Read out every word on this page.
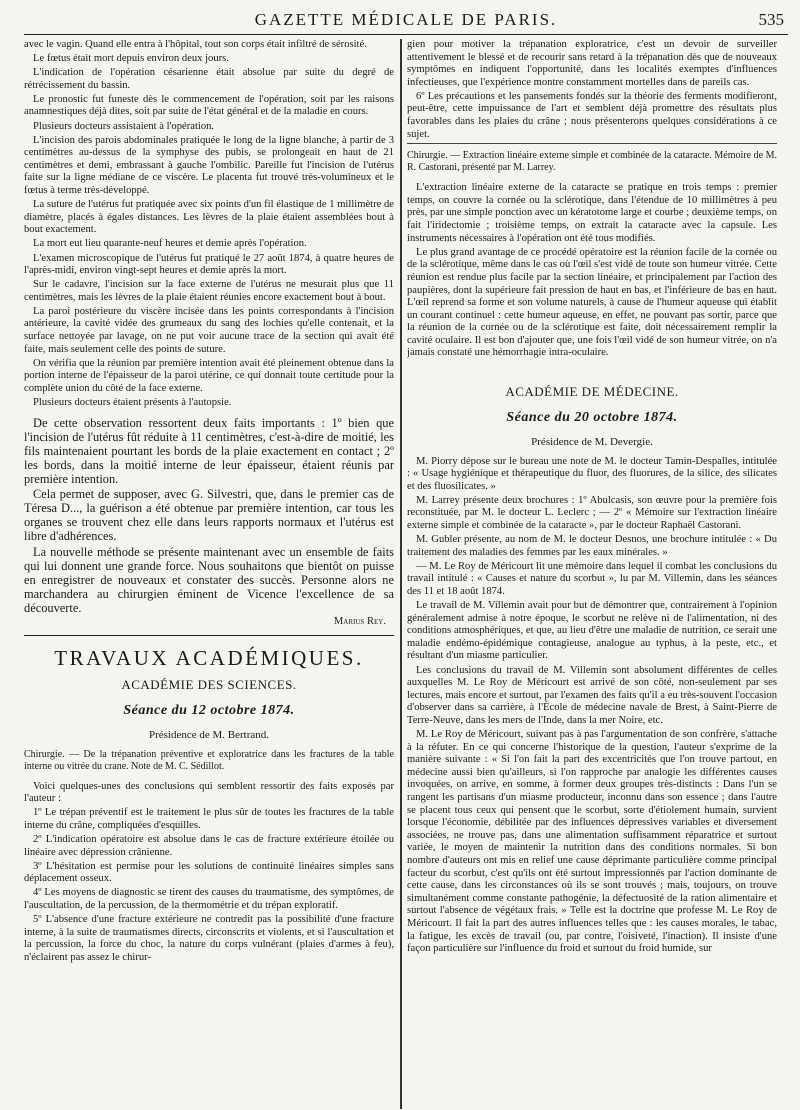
GAZETTE MÉDICALE DE PARIS.	535

avec le vagin. Quand elle entra à l'hôpital, tout son corps était infiltré de sérosité.

Le fœtus était mort depuis environ deux jours.

L'indication de l'opération césarienne était absolue par suite du degré de rétrécissement du bassin.

Le pronostic fut funeste dès le commencement de l'opération, soit par les raisons anamnestiques déjà dites, soit par suite de l'état général et de la maladie en cours.

Plusieurs docteurs assistaient à l'opération.

L'incision des parois abdominales pratiquée le long de la ligne blanche, à partir de 3 centimètres au-dessus de la symphyse des pubis, se prolongeait en haut de 21 centimètres et demi, embrassant à gauche l'ombilic. Pareille fut l'incision de l'utérus faite sur la ligne médiane de ce viscère. Le placenta fut trouvé très-volumineux et le fœtus à terme très-développé.

La suture de l'utérus fut pratiquée avec six points d'un fil élastique de 1 millimètre de diamètre, placés à égales distances. Les lèvres de la plaie étaient assemblées bout à bout exactement.

La mort eut lieu quarante-neuf heures et demie après l'opération.

L'examen microscopique de l'utérus fut pratiqué le 27 août 1874, à quatre heures de l'après-midi, environ vingt-sept heures et demie après la mort.

Sur le cadavre, l'incision sur la face externe de l'utérus ne mesurait plus que 11 centimètres, mais les lèvres de la plaie étaient réunies encore exactement bout à bout.

La paroi postérieure du viscère incisée dans les points correspondants à l'incision antérieure, la cavité vidée des grumeaux du sang des lochies qu'elle contenait, et la surface nettoyée par lavage, on ne put voir aucune trace de la section qui avait été faite, mais seulement celle des points de suture.

On vérifia que la réunion par première intention avait été pleinement obtenue dans la portion interne de l'épaisseur de la paroi utérine, ce qui donnait toute certitude pour la complète union du côté de la face externe.

Plusieurs docteurs étaient présents à l'autopsie.

De cette observation ressortent deux faits importants : 1º bien que l'incision de l'utérus fût réduite à 11 centimètres, c'est-à-dire de moitié, les fils maintenaient pourtant les bords de la plaie exactement en contact ; 2º les bords, dans la moitié interne de leur épaisseur, étaient réunis par première intention.

Cela permet de supposer, avec G. Silvestri, que, dans le premier cas de Téresa D..., la guérison a été obtenue par première intention, car tous les organes se trouvent chez elle dans leurs rapports normaux et l'utérus est libre d'adhérences.

La nouvelle méthode se présente maintenant avec un ensemble de faits qui lui donnent une grande force. Nous souhaitons que bientôt on puisse en enregistrer de nouveaux et constater des succès. Personne alors ne marchandera au chirurgien éminent de Vicence l'excellence de sa découverte.

Marius Rey.

TRAVAUX ACADÉMIQUES.
ACADÉMIE DES SCIENCES.
Séance du 12 octobre 1874.
Présidence de M. Bertrand.
Chirurgie. — De la trépanation préventive et exploratrice dans les fractures de la table interne ou vitrée du crane. Note de M. C. Sédillot.

Voici quelques-unes des conclusions qui semblent ressortir des faits exposés par l'auteur :

1º Le trépan préventif est le traitement le plus sûr de toutes les fractures de la table interne du crâne, compliquées d'esquilles.

2º L'indication opératoire est absolue dans le cas de fracture extérieure étoilée ou linéaire avec dépression crânienne.

3º L'hésitation est permise pour les solutions de continuité linéaires simples sans déplacement osseux.

4º Les moyens de diagnostic se tirent des causes du traumatisme, des symptômes, de l'auscultation, de la percussion, de la thermométrie et du trépan exploratif.

5º L'absence d'une fracture extérieure ne contredit pas la possibilité d'une fracture interne, à la suite de traumatismes directs, circonscrits et violents, et si l'auscultation et la percussion, la force du choc, la nature du corps vulnérant (plaies d'armes à feu), n'éclairent pas assez le chirur-

gien pour motiver la trépanation exploratrice, c'est un devoir de surveiller attentivement le blessé et de recourir sans retard à la trépanation dès que de nouveaux symptômes en indiquent l'opportunité, dans les localités exemptes d'influences infectieuses, que l'expérience montre constamment mortelles dans de pareils cas.

6º Les précautions et les pansements fondés sur la théorie des ferments modifieront, peut-être, cette impuissance de l'art et semblent déjà promettre des résultats plus favorables dans les plaies du crâne ; nous présenterons quelques considérations à ce sujet.

Chirurgie. — Extraction linéaire externe simple et combinée de la cataracte. Mémoire de M. R. Castorani, présenté par M. Larrey.

L'extraction linéaire externe de la cataracte se pratique en trois temps : premier temps, on couvre la cornée ou la sclérotique, dans l'étendue de 10 millimètres à peu près, par une simple ponction avec un kératotome large et courbe ; deuxième temps, on fait l'iridectomie ; troisième temps, on extrait la cataracte avec la capsule. Les instruments nécessaires à l'opération ont été tous modifiés.

Le plus grand avantage de ce procédé opératoire est la réunion facile de la cornée ou de la sclérotique, même dans le cas où l'œil s'est vidé de toute son humeur vitrée. Cette réunion est rendue plus facile par la section linéaire, et principalement par l'action des paupières, dont la supérieure fait pression de haut en bas, et l'inférieure de bas en haut. L'œil reprend sa forme et son volume naturels, à cause de l'humeur aqueuse qui établit un courant continuel : cette humeur aqueuse, en effet, ne pouvant pas sortir, parce que la réunion de la cornée ou de la sclérotique est faite, doit nécessairement remplir la cavité oculaire. Il est bon d'ajouter que, une fois l'œil vidé de son humeur vitrée, on n'a jamais constaté une hémorrhagie intra-oculaire.

ACADÉMIE DE MÉDECINE.
Séance du 20 octobre 1874.
Présidence de M. Devergie.

M. Piorry dépose sur le bureau une note de M. le docteur Tamin-Despalles, intitulée : « Usage hygiénique et thérapeutique du fluor, des fluorures, de la silice, des silicates et des fluosilicates. »

M. Larrey présente deux brochures : 1º Abulcasis, son œuvre pour la première fois reconstituée, par M. le docteur L. Leclerc ; — 2º « Mémoire sur l'extraction linéaire externe simple et combinée de la cataracte », par le docteur Raphaël Castorani.

M. Gubler présente, au nom de M. le docteur Desnos, une brochure intitulée : « Du traitement des maladies des femmes par les eaux minérales. »

— M. Le Roy de Méricourt lit une mémoire dans lequel il combat les conclusions du travail intitulé : « Causes et nature du scorbut », lu par M. Villemin, dans les séances des 11 et 18 août 1874.

Le travail de M. Villemin avait pour but de démontrer que, contrairement à l'opinion généralement admise à notre époque, le scorbut ne relève ni de l'alimentation, ni des conditions atmosphériques, et que, au lieu d'être une maladie de nutrition, ce serait une maladie endémo-épidémique contagieuse, analogue au typhus, à la peste, etc., et résultant d'un miasme particulier.

Les conclusions du travail de M. Villemin sont absolument différentes de celles auxquelles M. Le Roy de Méricourt est arrivé de son côté, non-seulement par ses lectures, mais encore et surtout, par l'examen des faits qu'il a eu très-souvent l'occasion d'observer dans sa carrière, à l'École de médecine navale de Brest, à Saint-Pierre de Terre-Neuve, dans les mers de l'Inde, dans la mer Noire, etc.

M. Le Roy de Méricourt, suivant pas à pas l'argumentation de son confrère, s'attache à la réfuter. En ce qui concerne l'historique de la question, l'auteur s'exprime de la manière suivante : « Si l'on fait la part des excentricités que l'on trouve partout, en médecine aussi bien qu'ailleurs, si l'on rapproche par analogie les différentes causes invoquées, on arrive, en somme, à former deux groupes très-distincts : Dans l'un se rangent les partisans d'un miasme producteur, inconnu dans son essence ; dans l'autre se placent tous ceux qui pensent que le scorbut, sorte d'étiolement humain, survient lorsque l'économie, débilitée par des influences dépressives variables et diversement associées, ne trouve pas, dans une alimentation suffisamment réparatrice et surtout variée, le moyen de maintenir la nutrition dans des conditions normales. Si bon nombre d'auteurs ont mis en relief une cause déprimante particulière comme principal facteur du scorbut, c'est qu'ils ont été surtout impressionnés par l'action dominante de cette cause, dans les circonstances où ils se sont trouvés ; mais, toujours, on trouve simultanément comme constante pathogénie, la défectuosité de la ration alimentaire et surtout l'absence de végétaux frais. » Telle est la doctrine que professe M. Le Roy de Méricourt. Il fait la part des autres influences telles que : les causes morales, le tabac, la fatigue, les excès de travail (ou, par contre, l'oisiveté, l'inaction). Il insiste d'une façon particulière sur l'influence du froid et surtout du froid humide, sur
